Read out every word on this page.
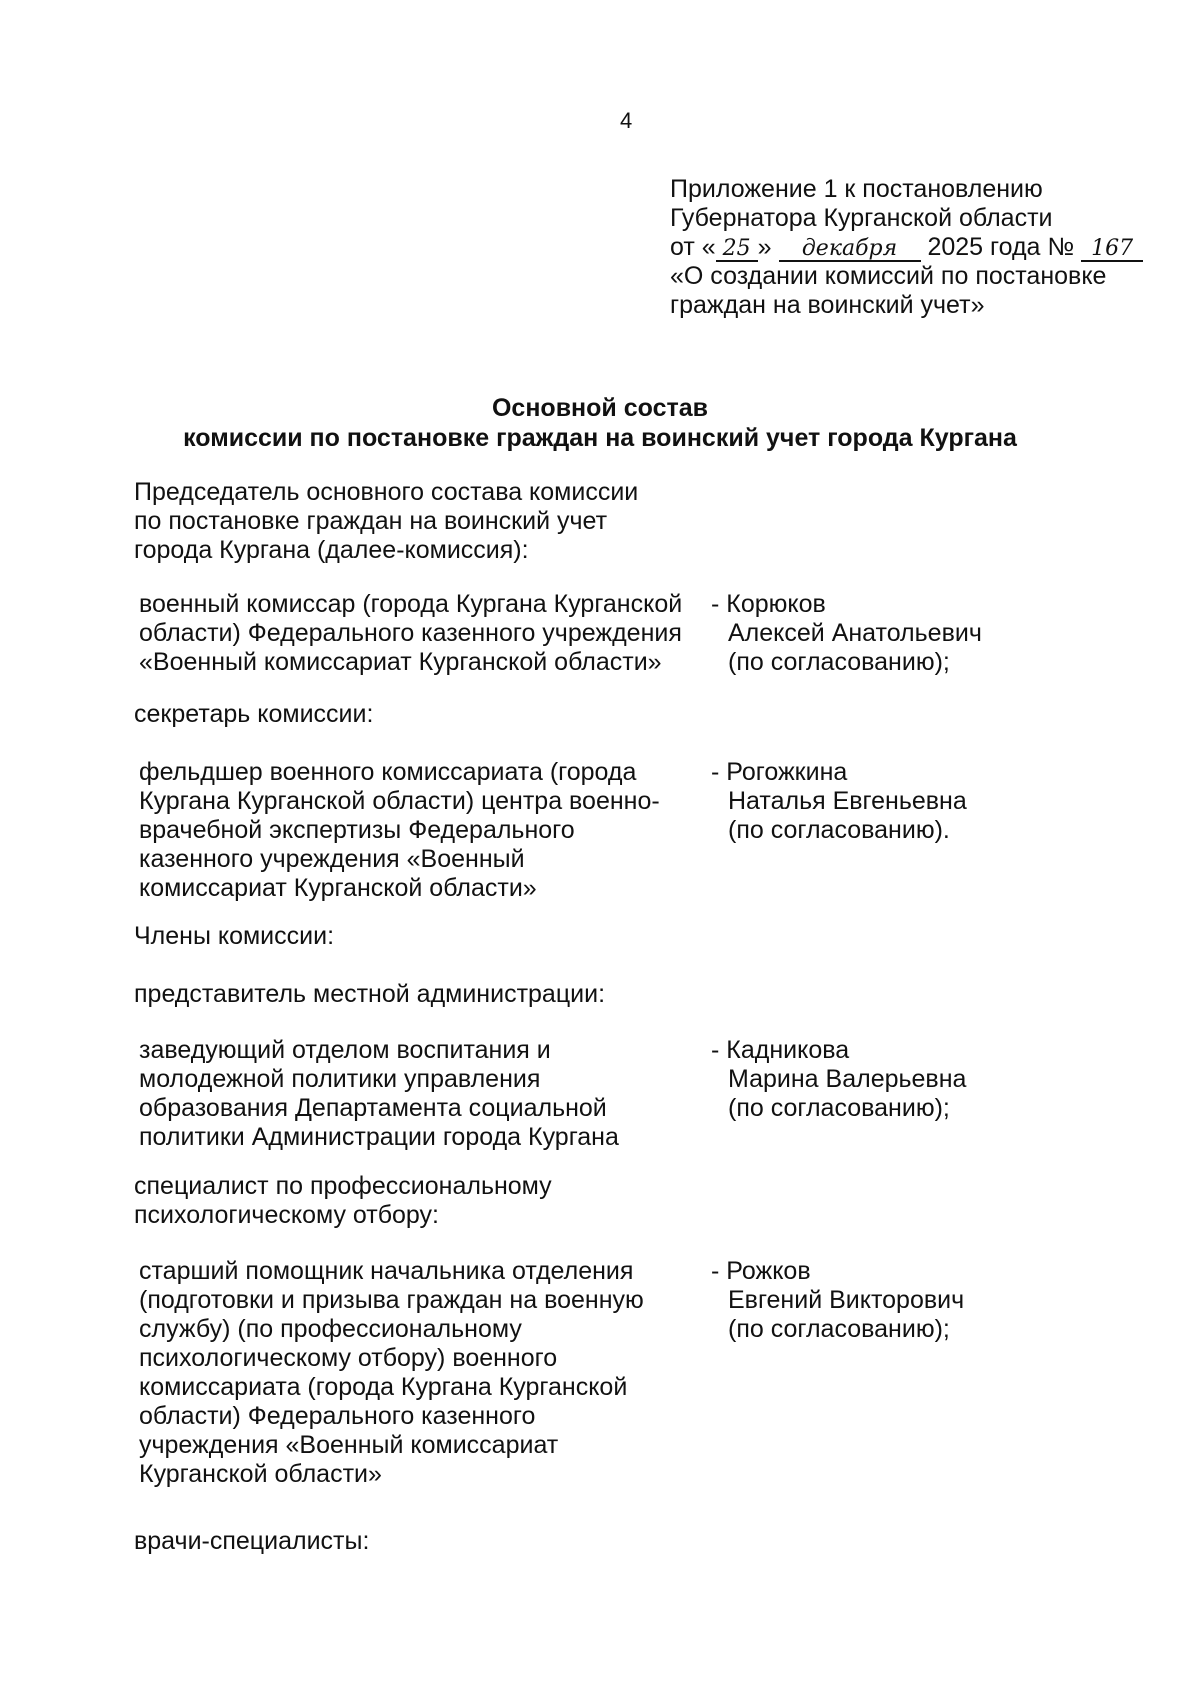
4
Приложение 1 к постановлению
Губернатора Курганской области
от « 25 » декабря 2025 года № 167
«О создании комиссий по постановке
граждан на воинский учет»
Основной состав
комиссии по постановке граждан на воинский учет города Кургана
Председатель основного состава комиссии
по постановке граждан на воинский учет
города Кургана (далее-комиссия):
военный комиссар (города Кургана Курганской
области) Федерального казенного учреждения
«Военный комиссариат Курганской области»
- Корюков
Алексей Анатольевич
(по согласованию);
секретарь комиссии:
фельдшер военного комиссариата (города
Кургана Курганской области) центра военно-
врачебной экспертизы Федерального
казенного учреждения «Военный
комиссариат Курганской области»
- Рогожкина
Наталья Евгеньевна
(по согласованию).
Члены комиссии:
представитель местной администрации:
заведующий отделом воспитания и
молодежной политики управления
образования Департамента социальной
политики Администрации города Кургана
- Кадникова
Марина Валерьевна
(по согласованию);
специалист по профессиональному
психологическому отбору:
старший помощник начальника отделения
(подготовки и призыва граждан на военную
службу) (по профессиональному
психологическому отбору) военного
комиссариата (города Кургана Курганской
области) Федерального казенного
учреждения «Военный комиссариат
Курганской области»
- Рожков
Евгений Викторович
(по согласованию);
врачи-специалисты:
